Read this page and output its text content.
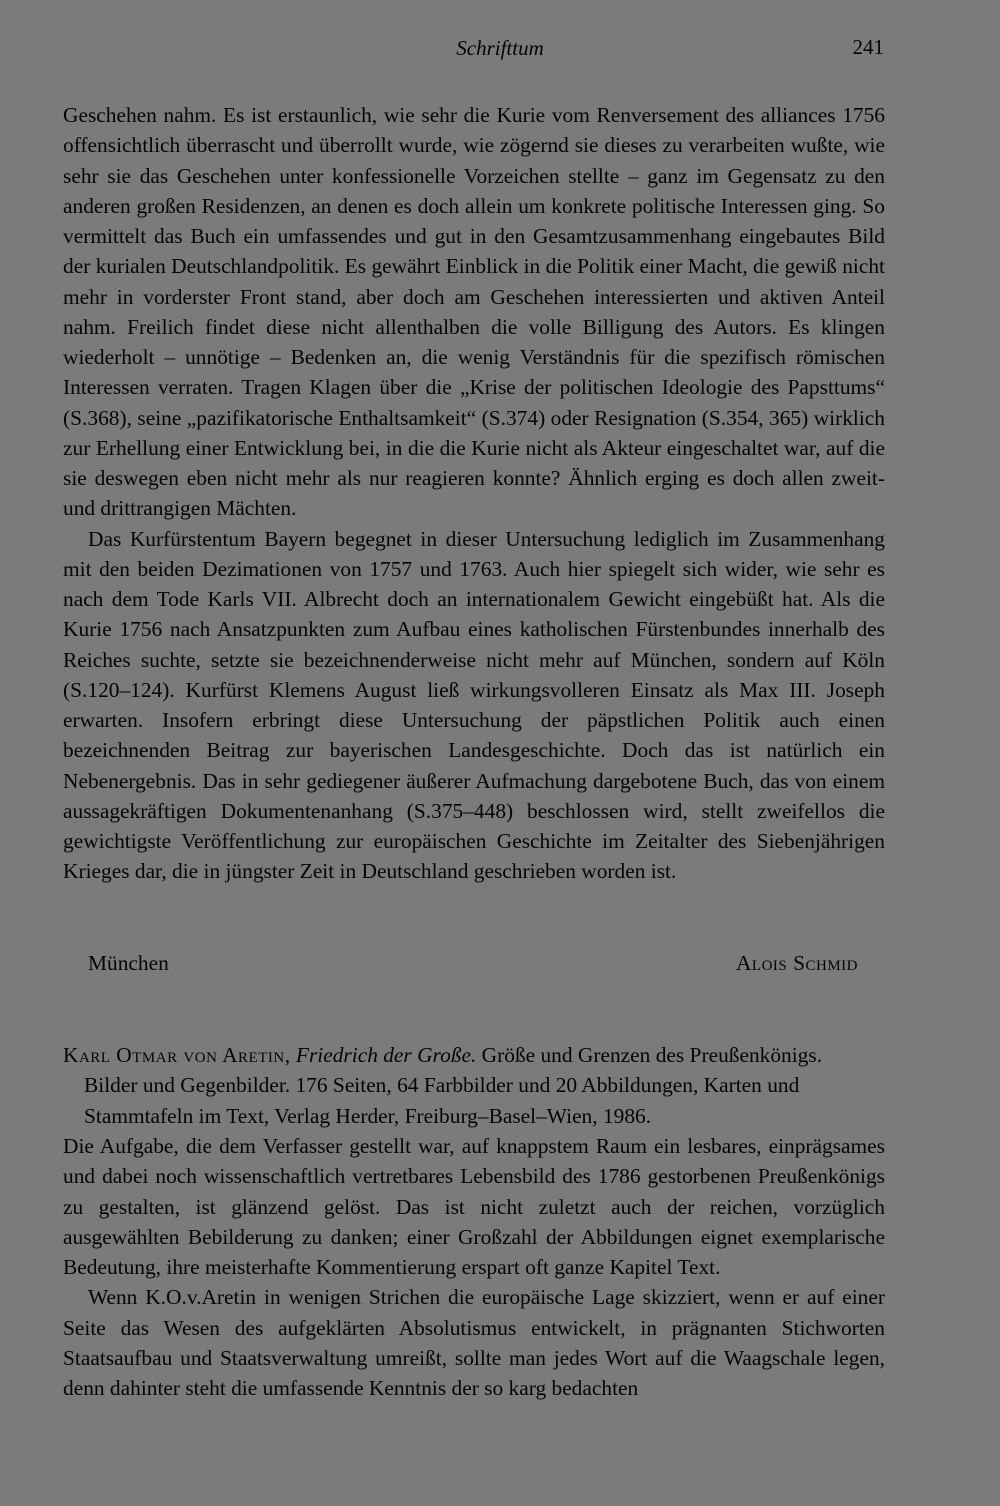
Schrifttum	241

Geschehen nahm. Es ist erstaunlich, wie sehr die Kurie vom Renversement des alliances 1756 offensichtlich überrascht und überrollt wurde, wie zögernd sie dieses zu verarbeiten wußte, wie sehr sie das Geschehen unter konfessionelle Vorzeichen stellte – ganz im Gegensatz zu den anderen großen Residenzen, an denen es doch allein um konkrete politische Interessen ging. So vermittelt das Buch ein umfassendes und gut in den Gesamtzusammenhang eingebautes Bild der kurialen Deutschlandpolitik. Es gewährt Einblick in die Politik einer Macht, die gewiß nicht mehr in vorderster Front stand, aber doch am Geschehen interessierten und aktiven Anteil nahm. Freilich findet diese nicht allenthalben die volle Billigung des Autors. Es klingen wiederholt – unnötige – Bedenken an, die wenig Verständnis für die spezifisch römischen Interessen verraten. Tragen Klagen über die „Krise der politischen Ideologie des Papsttums“ (S.368), seine „pazifikatorische Enthaltsamkeit“ (S.374) oder Resignation (S.354, 365) wirklich zur Erhellung einer Entwicklung bei, in die die Kurie nicht als Akteur eingeschaltet war, auf die sie deswegen eben nicht mehr als nur reagieren konnte? Ähnlich erging es doch allen zweit- und drittrangigen Mächten.

Das Kurfürstentum Bayern begegnet in dieser Untersuchung lediglich im Zusammenhang mit den beiden Dezimationen von 1757 und 1763. Auch hier spiegelt sich wider, wie sehr es nach dem Tode Karls VII. Albrecht doch an internationalem Gewicht eingebüßt hat. Als die Kurie 1756 nach Ansatzpunkten zum Aufbau eines katholischen Fürstenbundes innerhalb des Reiches suchte, setzte sie bezeichnenderweise nicht mehr auf München, sondern auf Köln (S.120–124). Kurfürst Klemens August ließ wirkungsvolleren Einsatz als Max III. Joseph erwarten. Insofern erbringt diese Untersuchung der päpstlichen Politik auch einen bezeichnenden Beitrag zur bayerischen Landesgeschichte. Doch das ist natürlich ein Nebenergebnis. Das in sehr gediegener äußerer Aufmachung dargebotene Buch, das von einem aussagekräftigen Dokumentenanhang (S.375–448) beschlossen wird, stellt zweifellos die gewichtigste Veröffentlichung zur europäischen Geschichte im Zeitalter des Siebenjährigen Krieges dar, die in jüngster Zeit in Deutschland geschrieben worden ist.

München	Alois Schmid
Karl Otmar von Aretin, Friedrich der Große. Größe und Grenzen des Preußenkönigs.
Bilder und Gegenbilder. 176 Seiten, 64 Farbbilder und 20 Abbildungen, Karten und Stammtafeln im Text, Verlag Herder, Freiburg–Basel–Wien, 1986.

Die Aufgabe, die dem Verfasser gestellt war, auf knappstem Raum ein lesbares, einprägsames und dabei noch wissenschaftlich vertretbares Lebensbild des 1786 gestorbenen Preußenkönigs zu gestalten, ist glänzend gelöst. Das ist nicht zuletzt auch der reichen, vorzüglich ausgewählten Bebilderung zu danken; einer Großzahl der Abbildungen eignet exemplarische Bedeutung, ihre meisterhafte Kommentierung erspart oft ganze Kapitel Text.

Wenn K.O.v.Aretin in wenigen Strichen die europäische Lage skizziert, wenn er auf einer Seite das Wesen des aufgeklärten Absolutismus entwickelt, in prägnanten Stichworten Staatsaufbau und Staatsverwaltung umreißt, sollte man jedes Wort auf die Waagschale legen, denn dahinter steht die umfassende Kenntnis der so karg bedachten
